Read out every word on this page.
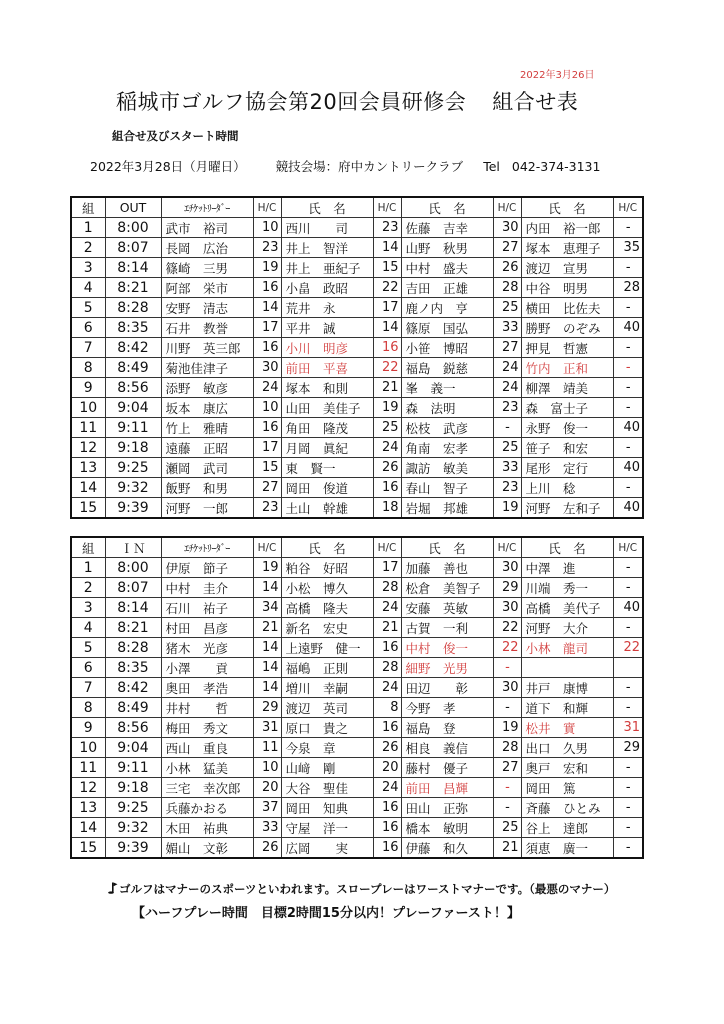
2022年3月26日
稲城市ゴルフ協会第20回会員研修会 組合せ表
組合せ及びスタート時間
2022年3月28日（月曜日） 競技会場：府中カントリークラブ Tel 042-374-3131
組	OUT	ｴﾁｹｯﾄﾘｰﾀﾞｰ	H/C	氏　名	H/C	氏　名	H/C	氏　名	H/C
1	8:00	武市　裕司	10	西川　　司	23	佐藤　吉幸	30	内田　裕一郎	-
2	8:07	長岡　広治	23	井上　智洋	14	山野　秋男	27	塚本　恵理子	35
3	8:14	篠崎　三男	19	井上　亜紀子	15	中村　盛夫	26	渡辺　宣男	-
4	8:21	阿部　栄市	16	小畠　政昭	22	吉田　正雄	28	中谷　明男	28
5	8:28	安野　清志	14	荒井　永	17	鹿ノ内　亨	25	横田　比佐夫	-
6	8:35	石井　教誉	17	平井　誠	14	篠原　国弘	33	勝野　のぞみ	40
7	8:42	川野　英三郎	16	小川　明彦	16	小笹　博昭	27	押見　哲憲	-
8	8:49	菊池佳津子	30	前田　平喜	22	福島　鋭慈	24	竹内　正和	-
9	8:56	添野　敏彦	24	塚本　和則	21	峯　義一	24	柳澤　靖美	-
10	9:04	坂本　康広	10	山田　美佳子	19	森　法明	23	森　富士子	-
11	9:11	竹上　雅晴	16	角田　隆茂	25	松枝　武彦	-	永野　俊一	40
12	9:18	遠藤　正昭	17	月岡　眞紀	24	角南　宏孝	25	笹子　和宏	-
13	9:25	瀬岡　武司	15	東　賢一	26	諏訪　敏美	33	尾形　定行	40
14	9:32	飯野　和男	27	岡田　俊道	16	春山　智子	23	上川　稔	-
15	9:39	河野　一郎	23	土山　幹雄	18	岩堀　邦雄	19	河野　左和子	40
組	ＩＮ	ｴﾁｹｯﾄﾘｰﾀﾞｰ	H/C	氏　名	H/C	氏　名	H/C	氏　名	H/C
1	8:00	伊原　節子	19	粕谷　好昭	17	加藤　善也	30	中澤　進	-
2	8:07	中村　圭介	14	小松　博久	28	松倉　美智子	29	川端　秀一	-
3	8:14	石川　祐子	34	高橋　隆夫	24	安藤　英敏	30	高橋　美代子	40
4	8:21	村田　昌彦	21	新名　宏史	21	古賀　一利	22	河野　大介	-
5	8:28	猪木　光彦	14	上遠野　健一	16	中村　俊一	22	小林　龍司	22
6	8:35	小澤　　貢	14	福嶋　正則	28	細野　光男	-		
7	8:42	奥田　孝浩	14	増川　幸嗣	24	田辺　　彰	30	井戸　康博	-
8	8:49	井村　　哲	29	渡辺　英司	8	今野　孝	-	道下　和輝	-
9	8:56	梅田　秀文	31	原口　貴之	16	福島　登	19	松井　實	31
10	9:04	西山　重良	11	今泉　章	26	相良　義信	28	出口　久男	29
11	9:11	小林　猛美	10	山﨑　剛	20	藤村　優子	27	奥戸　宏和	-
12	9:18	三宅　幸次郎	20	大谷　聖佳	24	前田　昌輝	-	岡田　篤	-
13	9:25	兵藤かおる	37	岡田　知典	16	田山　正弥	-	斉藤　ひとみ	-
14	9:32	木田　祐典	33	守屋　洋一	16	橋本　敏明	25	谷上　達郎	-
15	9:39	媚山　文彰	26	広岡　　実	16	伊藤　和久	21	須恵　廣一	-
ゴルフはマナーのスポーツといわれます。スロープレーはワーストマナーです。（最悪のマナー）
【ハーフプレー時間　目標2時間15分以内！プレーファースト！】
